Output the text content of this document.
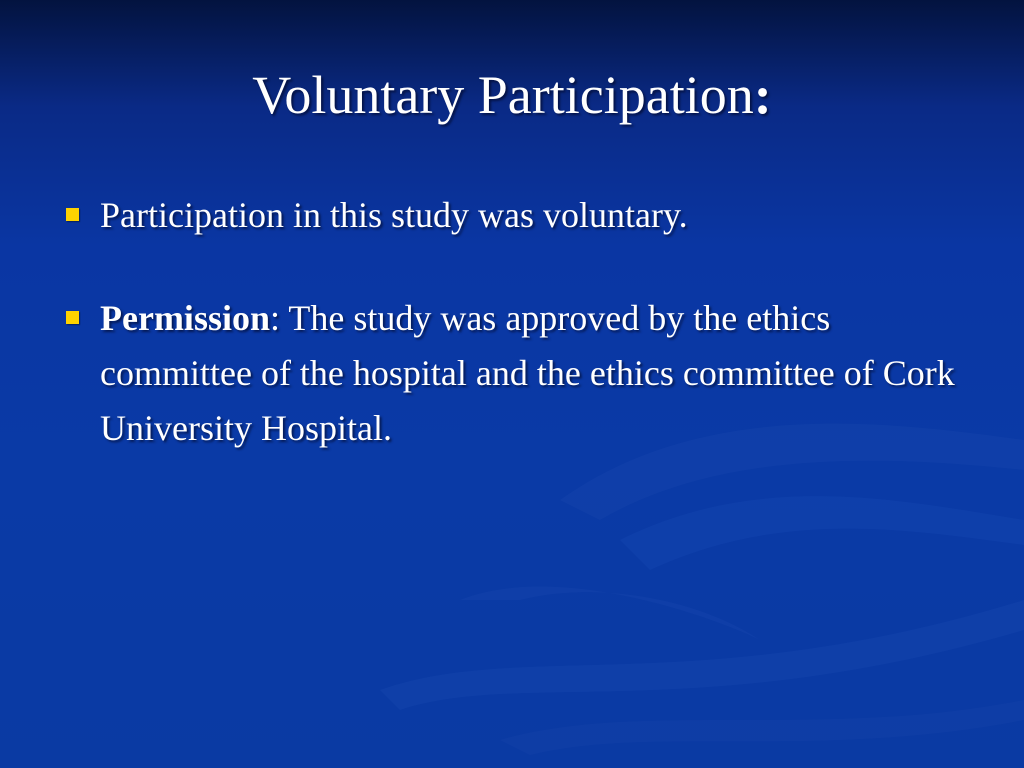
Voluntary Participation:
Participation in this study was voluntary.
Permission: The study was approved by the ethics committee of the hospital and the ethics committee of Cork University Hospital.
